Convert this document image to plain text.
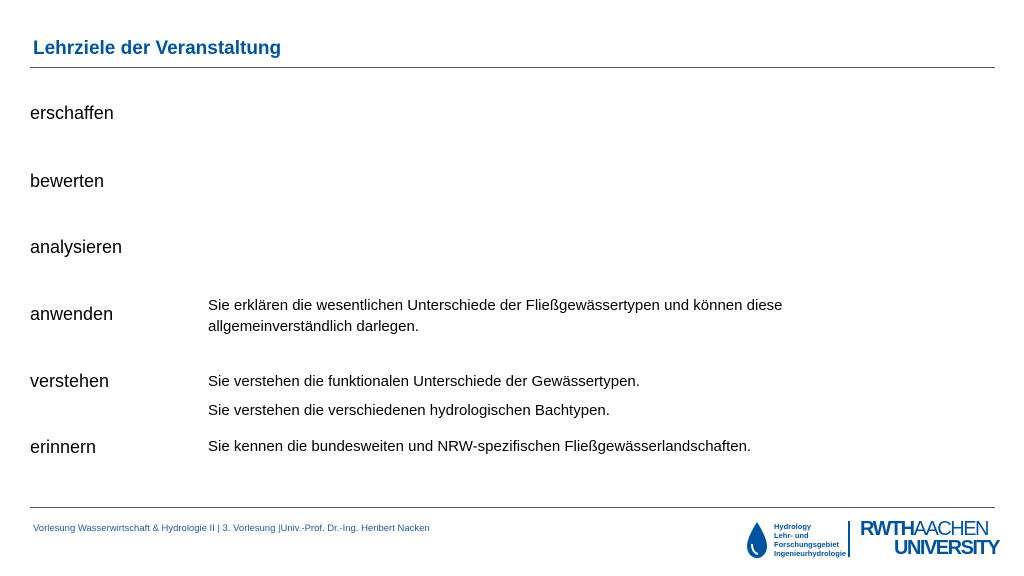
Lehrziele der Veranstaltung
erschaffen
bewerten
analysieren
anwenden
verstehen
erinnern
Sie erklären die wesentlichen Unterschiede der Fließgewässertypen und können diese allgemeinverständlich darlegen.
Sie verstehen die funktionalen Unterschiede der Gewässertypen.
Sie verstehen die verschiedenen hydrologischen Bachtypen.
Sie kennen die bundesweiten und NRW-spezifischen Fließgewässerlandschaften.
Vorlesung Wasserwirtschaft & Hydrologie II | 3. Vorlesung |Univ.-Prof. Dr.-Ing. Heribert Nacken	Hydrology
Lehr- und
Forschungsgebiet
Ingenieurhydrologie
RWTHAACHEN
UNIVERSITY
